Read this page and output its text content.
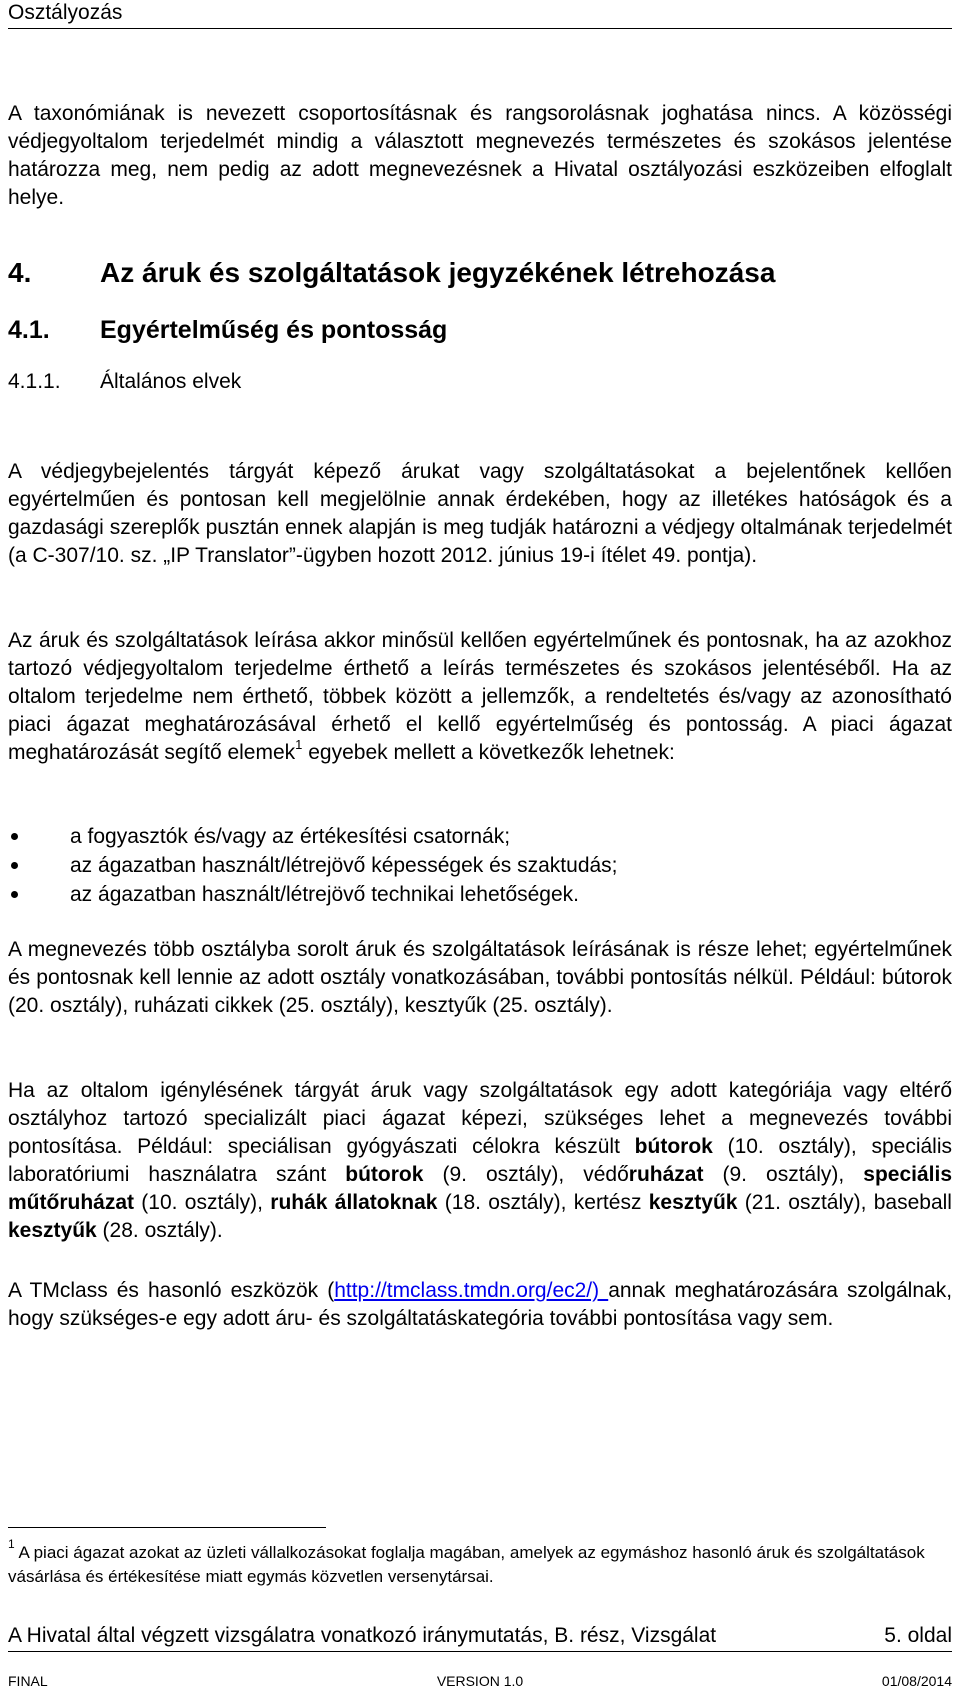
Osztályozás

A taxonómiának is nevezett csoportosításnak és rangsorolásnak joghatása nincs. A közösségi védjegyoltalom terjedelmét mindig a választott megnevezés természetes és szokásos jelentése határozza meg, nem pedig az adott megnevezésnek a Hivatal osztályozási eszközeiben elfoglalt helye.

4. Az áruk és szolgáltatások jegyzékének létrehozása
4.1. Egyértelműség és pontosság
4.1.1. Általános elvek

A védjegybejelentés tárgyát képező árukat vagy szolgáltatásokat a bejelentőnek kellően egyértelműen és pontosan kell megjelölnie annak érdekében, hogy az illetékes hatóságok és a gazdasági szereplők pusztán ennek alapján is meg tudják határozni a védjegy oltalmának terjedelmét (a C-307/10. sz. „IP Translator”-ügyben hozott 2012. június 19-i ítélet 49. pontja).

Az áruk és szolgáltatások leírása akkor minősül kellően egyértelműnek és pontosnak, ha az azokhoz tartozó védjegyoltalom terjedelme érthető a leírás természetes és szokásos jelentéséből. Ha az oltalom terjedelme nem érthető, többek között a jellemzők, a rendeltetés és/vagy az azonosítható piaci ágazat meghatározásával érhető el kellő egyértelműség és pontosság. A piaci ágazat meghatározását segítő elemek$^1$ egyebek mellett a következők lehetnek:

a fogyasztók és/vagy az értékesítési csatornák;
az ágazatban használt/létrejövő képességek és szaktudás;
az ágazatban használt/létrejövő technikai lehetőségek.

A megnevezés több osztályba sorolt áruk és szolgáltatások leírásának is része lehet; egyértelműnek és pontosnak kell lennie az adott osztály vonatkozásában, további pontosítás nélkül. Például: bútorok (20. osztály), ruházati cikkek (25. osztály), kesztyűk (25. osztály).

Ha az oltalom igénylésének tárgyát áruk vagy szolgáltatások egy adott kategóriája vagy eltérő osztályhoz tartozó specializált piaci ágazat képezi, szükséges lehet a megnevezés további pontosítása. Például: speciálisan gyógyászati célokra készült bútorok (10. osztály), speciális laboratóriumi használatra szánt bútorok (9. osztály), védőruházat (9. osztály), speciális műtőruházat (10. osztály), ruhák állatoknak (18. osztály), kertész kesztyűk (21. osztály), baseball kesztyűk (28. osztály).

A TMclass és hasonló eszközök (http://tmclass.tmdn.org/ec2/) annak meghatározására szolgálnak, hogy szükséges-e egy adott áru- és szolgáltatáskategória további pontosítása vagy sem.

$^1$ A piaci ágazat azokat az üzleti vállalkozásokat foglalja magában, amelyek az egymáshoz hasonló áruk és szolgáltatások vásárlása és értékesítése miatt egymás közvetlen versenytársai.
A Hivatal által végzett vizsgálatra vonatkozó iránymutatás, B. rész, Vizsgálat	5. oldal
FINAL	VERSION 1.0	01/08/2014
